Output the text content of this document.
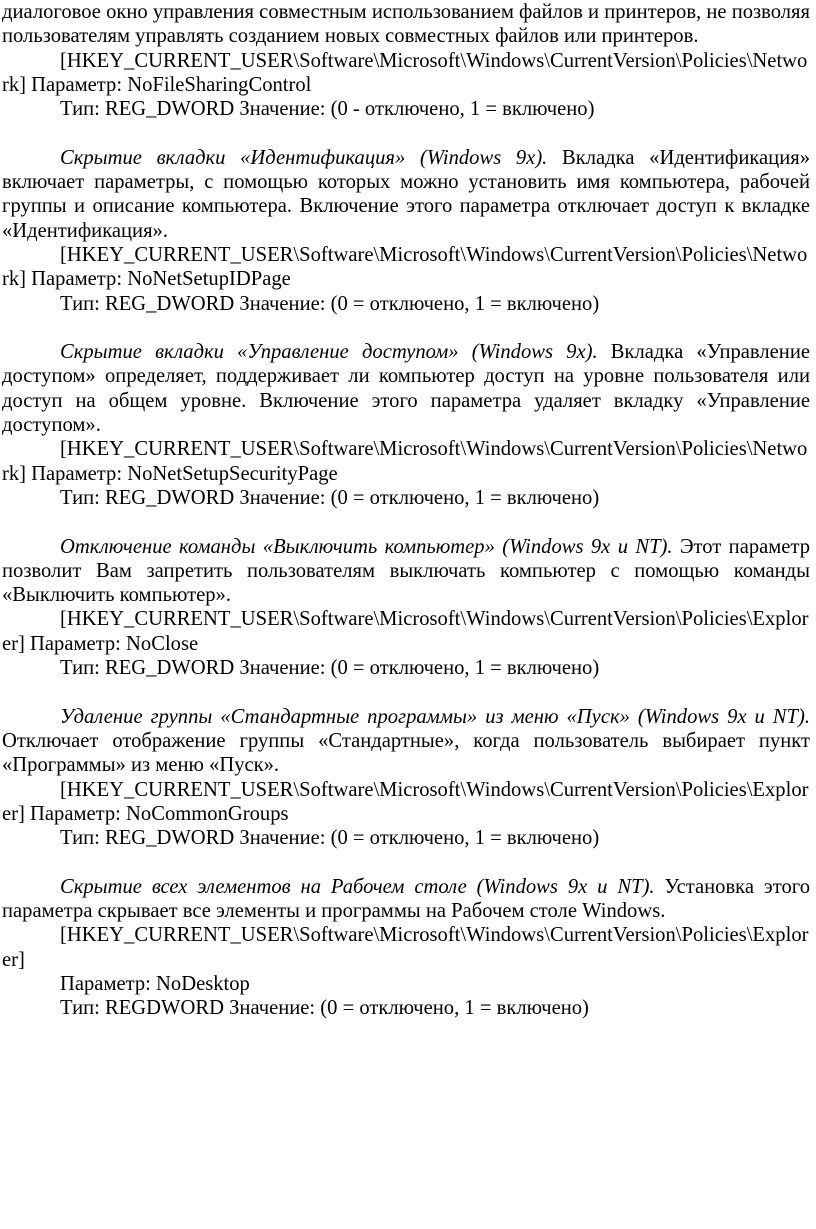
диалоговое окно управления совместным использованием файлов и принтеров, не позволяя пользователям управлять созданием новых совместных файлов или принтеров.

[HKEY_CURRENT_USER\Software\Microsoft\Windows\CurrentVersion\Policies\Network] Параметр: NoFileSharingControl

Тип: REG_DWORD Значение: (0 - отключено, 1 = включено)

Скрытие вкладки «Идентификация» (Windows 9x). Вкладка «Идентификация» включает параметры, с помощью которых можно установить имя компьютера, рабочей группы и описание компьютера. Включение этого параметра отключает доступ к вкладке «Идентификация».

[HKEY_CURRENT_USER\Software\Microsoft\Windows\CurrentVersion\Policies\Network] Параметр: NoNetSetupIDPage

Тип: REG_DWORD Значение: (0 = отключено, 1 = включено)

Скрытие вкладки «Управление доступом» (Windows 9x). Вкладка «Управление доступом» определяет, поддерживает ли компьютер доступ на уровне пользователя или доступ на общем уровне. Включение этого параметра удаляет вкладку «Управление доступом».

[HKEY_CURRENT_USER\Software\Microsoft\Windows\CurrentVersion\Policies\Network] Параметр: NoNetSetupSecurityPage

Тип: REG_DWORD Значение: (0 = отключено, 1 = включено)

Отключение команды «Выключить компьютер» (Windows 9x и NT). Этот параметр позволит Вам запретить пользователям выключать компьютер с помощью команды «Выключить компьютер».

[HKEY_CURRENT_USER\Software\Microsoft\Windows\CurrentVersion\Policies\Explorer] Параметр: NoClose

Тип: REG_DWORD Значение: (0 = отключено, 1 = включено)

Удаление группы «Стандартные программы» из меню «Пуск» (Windows 9x и NT). Отключает отображение группы «Стандартные», когда пользователь выбирает пункт «Программы» из меню «Пуск».

[HKEY_CURRENT_USER\Software\Microsoft\Windows\CurrentVersion\Policies\Explorer] Параметр: NoCommonGroups

Тип: REG_DWORD Значение: (0 = отключено, 1 = включено)

Скрытие всех элементов на Рабочем столе (Windows 9x и NT). Установка этого параметра скрывает все элементы и программы на Рабочем столе Windows.

[HKEY_CURRENT_USER\Software\Microsoft\Windows\CurrentVersion\Policies\Explorer]

Параметр: NoDesktop

Тип: REGDWORD Значение: (0 = отключено, 1 = включено)
